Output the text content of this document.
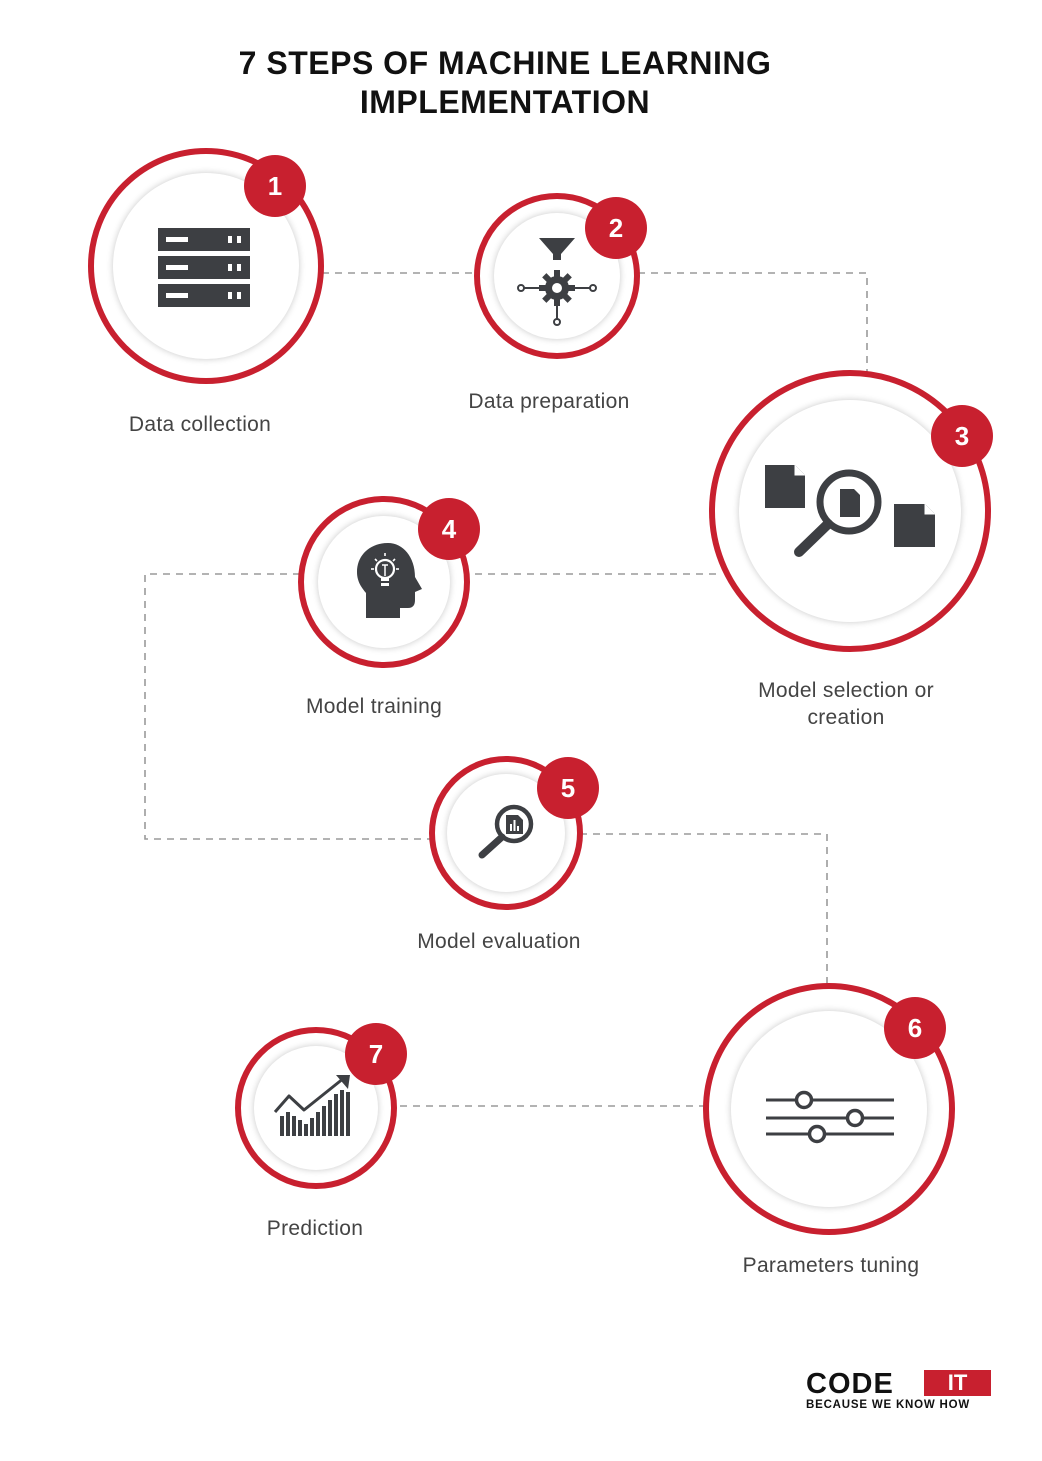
7 STEPS OF MACHINE LEARNING
IMPLEMENTATION
1
Data collection
2
Data preparation
3
Model selection or
creation
4
Model training
5
Model evaluation
6
Parameters tuning
7
Prediction
CODE	IT
BECAUSE WE KNOW HOW
